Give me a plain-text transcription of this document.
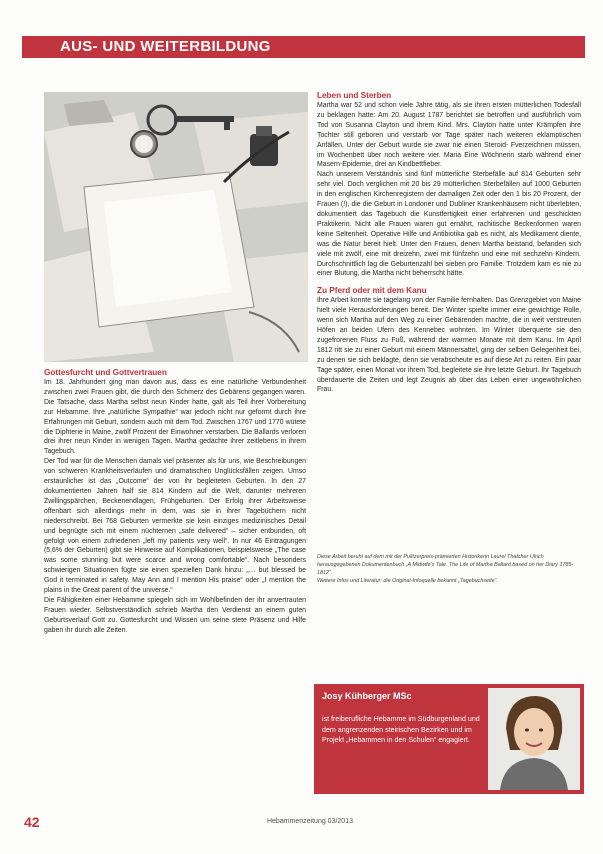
AUS- UND WEITERBILDUNG
Gottesfurcht und Gottvertrauen

Im 18. Jahrhundert ging man davon aus, dass es eine natürliche Verbundenheit zwischen zwei Frauen gibt, die durch den Schmerz des Gebärens gegangen waren. Die Tatsache, dass Martha selbst neun Kinder hatte, galt als Teil ihrer Vorbereitung zur Hebamme. Ihre „natürliche Sympathie“ war jedoch nicht nur geformt durch ihre Erfahrungen mit Geburt, sondern auch mit dem Tod. Zwischen 1767 und 1770 wütete die Diphterie in Maine, zwölf Prozent der Einwohner verstarben. Die Ballards verloren drei ihrer neun Kinder in wenigen Tagen. Martha gedachte ihrer zeitlebens in ihrem Tagebuch.

Der Tod war für die Menschen damals viel präsenter als für uns, wie Beschreibungen von schweren Krankheitsverläufen und dramatischen Unglücksfällen zeigen. Umso erstaunlicher ist das „Outcome“ der von ihr begleiteten Geburten. In den 27 dokumentierten Jahren half sie 814 Kindern auf die Welt, darunter mehreren Zwillingspärchen, Beckenendlagen, Frühgeburten. Der Erfolg ihrer Arbeitsweise offenbart sich allerdings mehr in dem, was sie in ihrer Tagebüchern nicht niederschreibt. Bei 768 Geburten vermerkte sie kein einziges medizinisches Detail und begnügte sich mit einem nüchternen „safe delivered“ – sicher entbunden, oft gefolgt von einem zufriedenen „left my patients very well“. In nur 46 Eintragungen (5,6% der Geburten) gibt sie Hinweise auf Komplikationen, beispielsweise „The case was some stunning but were scarce and wrong comfortable“. Nach besonders schwierigen Situationen fügte sie einen speziellen Dank hinzu: „… but blessed be God it terminated in safety. May Ann and I mention His praise“ oder „I mention the plains in the Great parent of the universe.“

Die Fähigkeiten einer Hebamme spiegeln sich im Wohlbefinden der ihr anvertrauten Frauen wieder. Selbstverständlich schrieb Martha den Verdienst an einem guten Geburtsverlauf Gott zu. Gottesfurcht und Wissen um seine stete Präsenz und Hilfe gaben ihr durch alle Zeiten.

Leben und Sterben

Martha war 52 und schon viele Jahre tätig, als sie ihren ersten mütterlichen Todesfall zu beklagen hatte: Am 20. August 1787 berichtet sie betroffen und ausführlich vom Tod von Susanna Clayton und ihrem Kind. Mrs. Clayton hatte unter Krämpfen ihre Tochter still geboren und verstarb vor Tage später nach weiteren eklamptischen Anfällen. Unter der Geburt wurde sie zwar nie einen Steroid- Fverzeichnen müssen, im Wochenbett über noch weitere vier. Maria Eine Wöchnerin starb während einer Masern-Epidemie, drei an Kindbettfieber.

Nach unserem Verständnis sind fünf mütterliche Sterbefälle auf 814 Geburten sehr sehr viel. Doch verglichen mit 20 bis 29 mütterlichen Sterbefällen auf 1000 Geburten in den englischen Kirchenregistern der damaligen Zeit oder den 1 bis 20 Prozent, der Frauen (!), die die Geburt in Londoner und Dubliner Krankenhäusern nicht überlebten, dokumentiert das Tagebuch die Kunstfertigkeit einer erfahrenen und geschickten Praktikerin. Nicht alle Frauen waren gut ernährt, rachitische Beckenformen waren keine Seltenheit. Operative Hilfe und Antibiotika gab es nicht, als Medikament diente, was die Natur bereit hielt. Unter den Frauen, denen Martha beistand, befanden sich viele mit zwölf, eine mit dreizehn, zwei mit fünfzehn und eine mit sechzehn Kindern. Durchschnittlich lag die Geburtenzahl bei sieben pro Familie. Trotzdem kam es nie zu einer Blutung, die Martha nicht beherrscht hätte.

Zu Pferd oder mit dem Kanu

Ihre Arbeit konnte sie tagelang von der Familie fernhalten. Das Grenzgebiet von Maine hielt viele Herausforderungen bereit. Der Winter spielte immer eine gewichtige Rolle, wenn sich Martha auf den Weg zu einer Gebärenden machte, die in weit verstreuten Höfen an beiden Ufern des Kennebec wohnten. Im Winter überquerte sie den zugefrorenen Fluss zu Fuß, während der warmen Monate mit dem Kanu. Im April 1812 ritt sie zu einer Geburt mit einem Männersattel, ging der selben Gelegenheit bei, zu denen sie sich beklagte, denn sie verabscheute es auf diese Art zu reiten. Ein paar Tage später, einen Monat vor ihrem Tod, begleitete sie ihre letzte Geburt. Ihr Tagebuch überdauerte die Zeiten und legt Zeugnis ab über das Leben einer ungewöhnlichen Frau.

Diese Arbeit beruht auf dem mit der Pulitzerpreis-prämierten Historikerin Laurel Thatcher Ulrich herausgegebenen Dokumentenbuch „A Midwife's Tale. The Life of Martha Ballard based on her Diary 1785-1812“.

Weitere Infos und Literatur: die Original-Infoquelle bekannt „Tagebuchseite“.

Josy Kühberger MSc
ist freiberufliche Hebamme im Südburgenland und dem angrenzenden steirischen Bezirken und im Projekt „Hebammen in den Schulen“ engagiert.
42	Hebammenzeitung 03/2013
